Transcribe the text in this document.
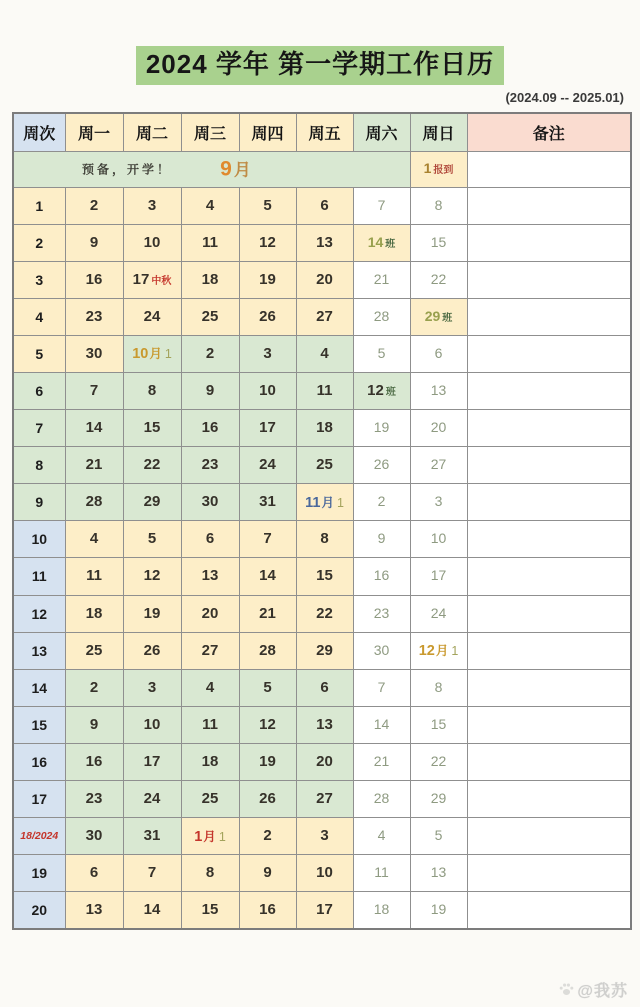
2024 学年 第一学期工作日历
(2024.09 -- 2025.01)
周次	周一	周二	周三	周四	周五	周六	周日	备注

预备，开学！ 9 月							1 报到	
1	2	3	4	5	6	7	8	
2	9	10	11	12	13	14 班	15	
3	16	17 中秋	18	19	20	21	22	
4	23	24	25	26	27	28	29 班	
5	30	10月 1	2	3	4	5	6	
6	7	8	9	10	11	12 班	13	
7	14	15	16	17	18	19	20	
8	21	22	23	24	25	26	27	
9	28	29	30	31	11月 1	2	3	
10	4	5	6	7	8	9	10	
11	11	12	13	14	15	16	17	
12	18	19	20	21	22	23	24	
13	25	26	27	28	29	30	12月 1	
14	2	3	4	5	6	7	8	
15	9	10	11	12	13	14	15	
16	16	17	18	19	20	21	22	
17	23	24	25	26	27	28	29	
18/2024	30	31	1月 1	2	3	4	5	
19	6	7	8	9	10	11	13	
20	13	14	15	16	17	18	19	
@我苏
